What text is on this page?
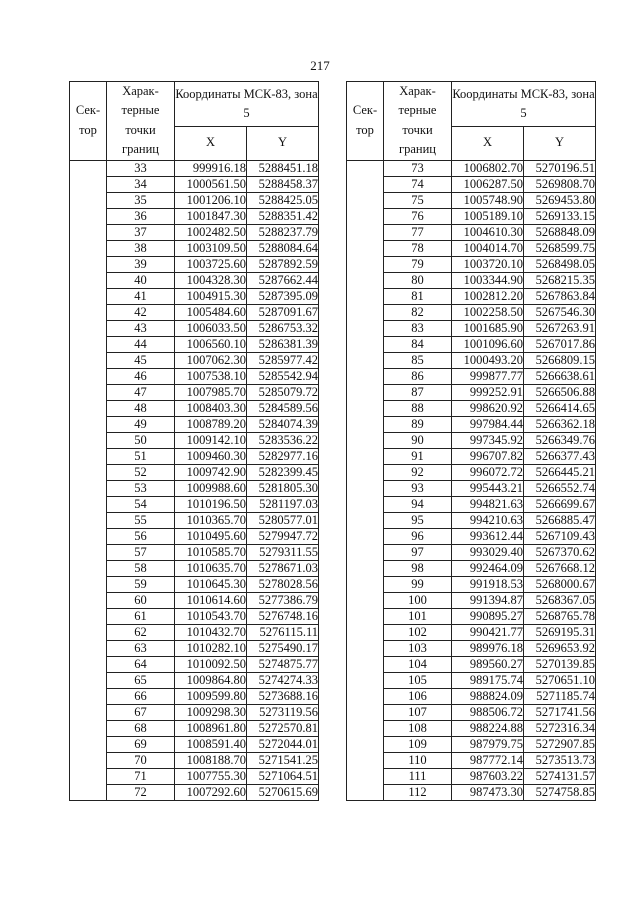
217
Сек- тор	Харак- терные точки границ	Координаты МСК-83, зона 5	
		X	Y
	33	999916.18	5288451.18
	34	1000561.50	5288458.37
	35	1001206.10	5288425.05
	36	1001847.30	5288351.42
	37	1002482.50	5288237.79
	38	1003109.50	5288084.64
	39	1003725.60	5287892.59
	40	1004328.30	5287662.44
	41	1004915.30	5287395.09
	42	1005484.60	5287091.67
	43	1006033.50	5286753.32
	44	1006560.10	5286381.39
	45	1007062.30	5285977.42
	46	1007538.10	5285542.94
	47	1007985.70	5285079.72
	48	1008403.30	5284589.56
	49	1008789.20	5284074.39
	50	1009142.10	5283536.22
	51	1009460.30	5282977.16
	52	1009742.90	5282399.45
	53	1009988.60	5281805.30
	54	1010196.50	5281197.03
	55	1010365.70	5280577.01
	56	1010495.60	5279947.72
	57	1010585.70	5279311.55
	58	1010635.70	5278671.03
	59	1010645.30	5278028.56
	60	1010614.60	5277386.79
	61	1010543.70	5276748.16
	62	1010432.70	5276115.11
	63	1010282.10	5275490.17
	64	1010092.50	5274875.77
	65	1009864.80	5274274.33
	66	1009599.80	5273688.16
	67	1009298.30	5273119.56
	68	1008961.80	5272570.81
	69	1008591.40	5272044.01
	70	1008188.70	5271541.25
	71	1007755.30	5271064.51
	72	1007292.60	5270615.69
Сек- тор	Харак- терные точки границ	Координаты МСК-83, зона 5	
		X	Y
	73	1006802.70	5270196.51
	74	1006287.50	5269808.70
	75	1005748.90	5269453.80
	76	1005189.10	5269133.15
	77	1004610.30	5268848.09
	78	1004014.70	5268599.75
	79	1003720.10	5268498.05
	80	1003344.90	5268215.35
	81	1002812.20	5267863.84
	82	1002258.50	5267546.30
	83	1001685.90	5267263.91
	84	1001096.60	5267017.86
	85	1000493.20	5266809.15
	86	999877.77	5266638.61
	87	999252.91	5266506.88
	88	998620.92	5266414.65
	89	997984.44	5266362.18
	90	997345.92	5266349.76
	91	996707.82	5266377.43
	92	996072.72	5266445.21
	93	995443.21	5266552.74
	94	994821.63	5266699.67
	95	994210.63	5266885.47
	96	993612.44	5267109.43
	97	993029.40	5267370.62
	98	992464.09	5267668.12
	99	991918.53	5268000.67
	100	991394.87	5268367.05
	101	990895.27	5268765.78
	102	990421.77	5269195.31
	103	989976.18	5269653.92
	104	989560.27	5270139.85
	105	989175.74	5270651.10
	106	988824.09	5271185.74
	107	988506.72	5271741.56
	108	988224.88	5272316.34
	109	987979.75	5272907.85
	110	987772.14	5273513.73
	111	987603.22	5274131.57
	112	987473.30	5274758.85
